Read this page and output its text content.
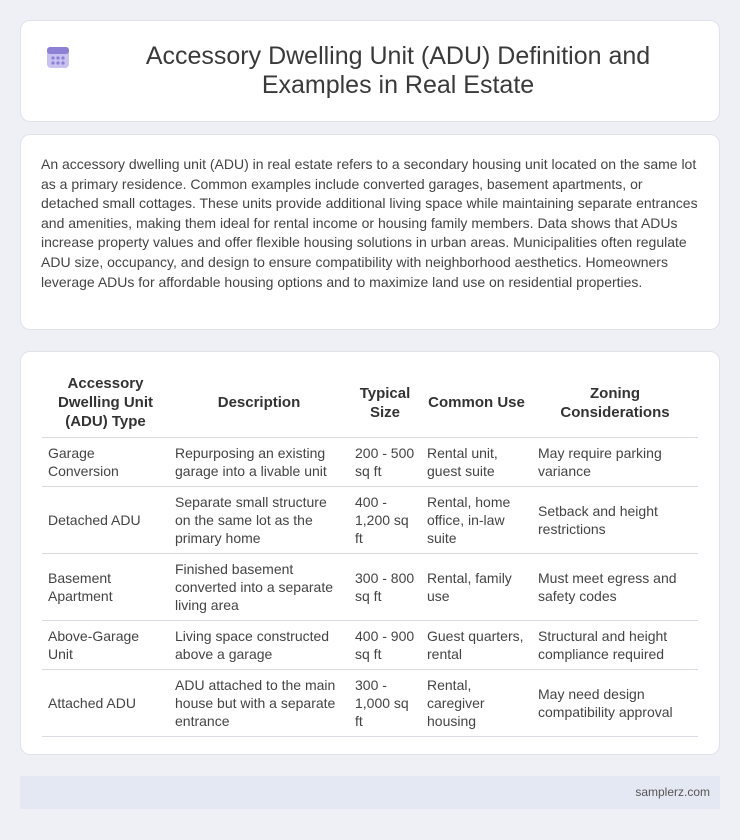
Accessory Dwelling Unit (ADU) Definition and Examples in Real Estate

An accessory dwelling unit (ADU) in real estate refers to a secondary housing unit located on the same lot as a primary residence. Common examples include converted garages, basement apartments, or detached small cottages. These units provide additional living space while maintaining separate entrances and amenities, making them ideal for rental income or housing family members. Data shows that ADUs increase property values and offer flexible housing solutions in urban areas. Municipalities often regulate ADU size, occupancy, and design to ensure compatibility with neighborhood aesthetics. Homeowners leverage ADUs for affordable housing options and to maximize land use on residential properties.

Accessory Dwelling Unit (ADU) Type	Description	Typical Size	Common Use	Zoning Considerations
Garage Conversion	Repurposing an existing garage into a livable unit	200 - 500 sq ft	Rental unit, guest suite	May require parking variance
Detached ADU	Separate small structure on the same lot as the primary home	400 - 1,200 sq ft	Rental, home office, in-law suite	Setback and height restrictions
Basement Apartment	Finished basement converted into a separate living area	300 - 800 sq ft	Rental, family use	Must meet egress and safety codes
Above-Garage Unit	Living space constructed above a garage	400 - 900 sq ft	Guest quarters, rental	Structural and height compliance required
Attached ADU	ADU attached to the main house but with a separate entrance	300 - 1,000 sq ft	Rental, caregiver housing	May need design compatibility approval
samplerz.com
